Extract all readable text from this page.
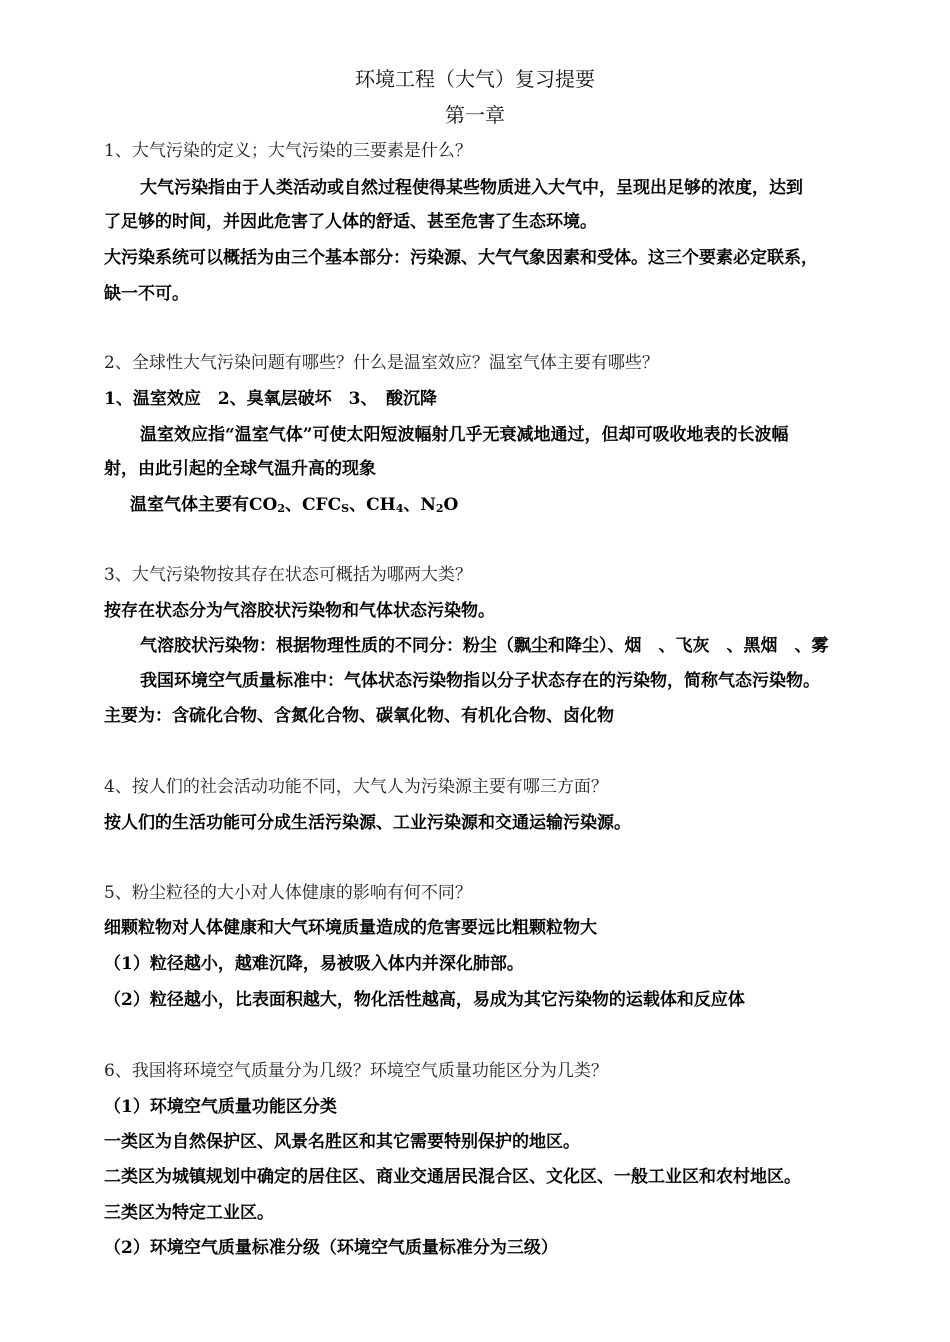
环境工程（大气）复习提要
第一章
1、大气污染的定义；大气污染的三要素是什么？
大气污染指由于人类活动或自然过程使得某些物质进入大气中，呈现出足够的浓度，达到
了足够的时间，并因此危害了人体的舒适、甚至危害了生态环境。
大污染系统可以概括为由三个基本部分：污染源、大气气象因素和受体。这三个要素必定联系，
缺一不可。
2、全球性大气污染问题有哪些？什么是温室效应？温室气体主要有哪些？
1、温室效应　2、臭氧层破坏　3、　酸沉降
温室效应指“温室气体”可使太阳短波幅射几乎无衰减地通过，但却可吸收地表的长波幅
射，由此引起的全球气温升高的现象
温室气体主要有$CO_2$、$CFC_S$、$CH_4$、$N_2O$
3、大气污染物按其存在状态可概括为哪两大类？
按存在状态分为气溶胶状污染物和气体状态污染物。
气溶胶状污染物：根据物理性质的不同分：粉尘（飘尘和降尘）、烟　、飞灰　、黑烟　、雾
我国环境空气质量标准中：气体状态污染物指以分子状态存在的污染物，简称气态污染物。
主要为：含硫化合物、含氮化合物、碳氧化物、有机化合物、卤化物
4、按人们的社会活动功能不同，大气人为污染源主要有哪三方面？
按人们的生活功能可分成生活污染源、工业污染源和交通运输污染源。
5、粉尘粒径的大小对人体健康的影响有何不同？
细颗粒物对人体健康和大气环境质量造成的危害要远比粗颗粒物大
（1）粒径越小，越难沉降，易被吸入体内并深化肺部。
（2）粒径越小，比表面积越大，物化活性越高，易成为其它污染物的运载体和反应体
6、我国将环境空气质量分为几级？环境空气质量功能区分为几类？
（1）环境空气质量功能区分类
一类区为自然保护区、风景名胜区和其它需要特别保护的地区。
二类区为城镇规划中确定的居住区、商业交通居民混合区、文化区、一般工业区和农村地区。
三类区为特定工业区。
（2）环境空气质量标准分级（环境空气质量标准分为三级）
